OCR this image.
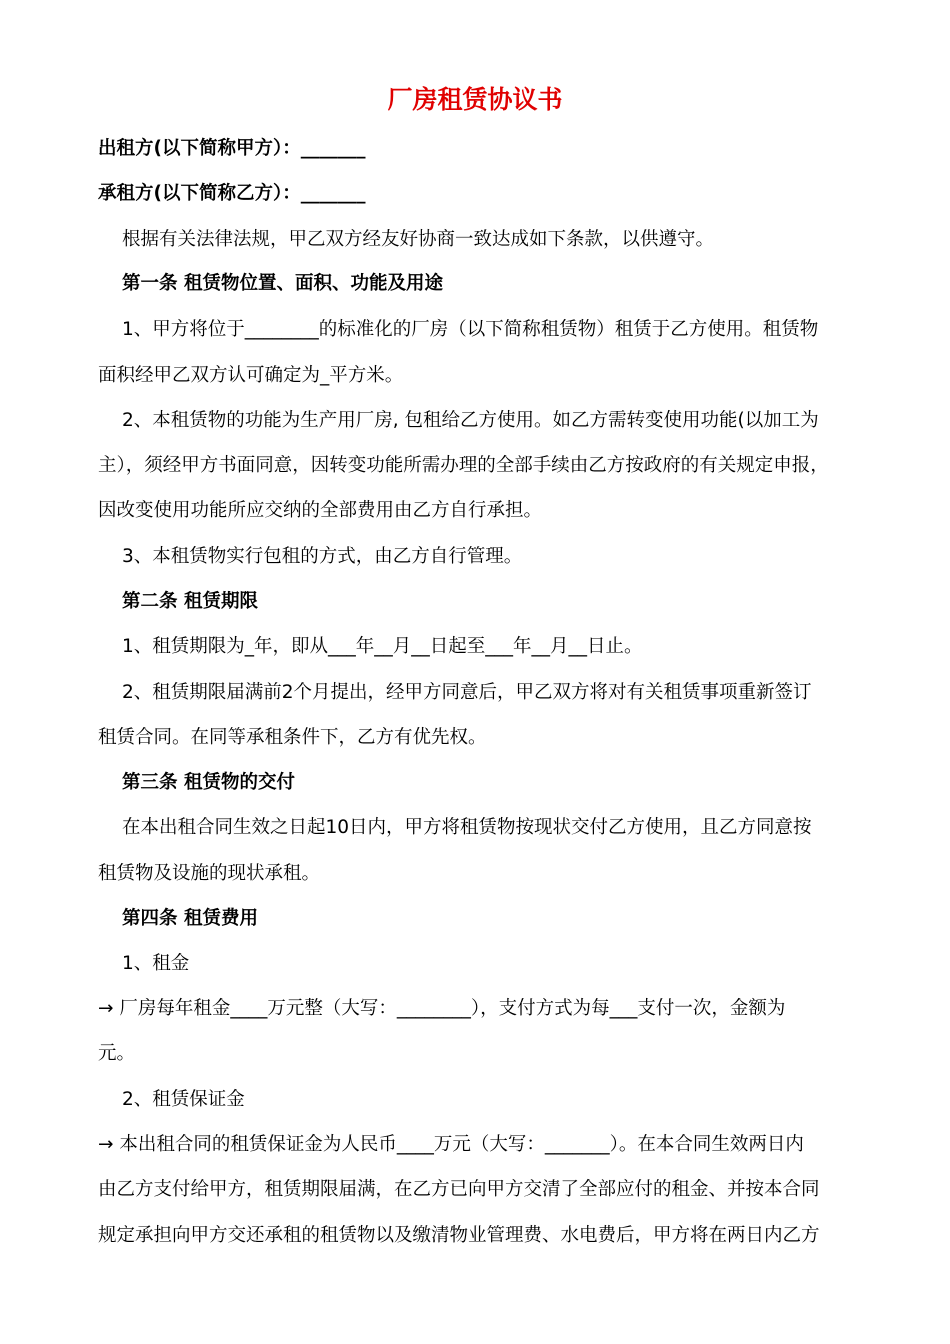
厂房租赁协议书
出租方(以下简称甲方）：_______
承租方(以下简称乙方）：_______
根据有关法律法规，甲乙双方经友好协商一致达成如下条款，以供遵守。
第一条 租赁物位置、面积、功能及用途
1、甲方将位于________的标准化的厂房（以下简称租赁物）租赁于乙方使用。租赁物
面积经甲乙双方认可确定为_平方米。
2、本租赁物的功能为生产用厂房, 包租给乙方使用。如乙方需转变使用功能(以加工为
主），须经甲方书面同意，因转变功能所需办理的全部手续由乙方按政府的有关规定申报，
因改变使用功能所应交纳的全部费用由乙方自行承担。
3、本租赁物实行包租的方式，由乙方自行管理。
第二条 租赁期限
1、租赁期限为_年，即从___年__月__日起至___年__月__日止。
2、租赁期限届满前2个月提出，经甲方同意后，甲乙双方将对有关租赁事项重新签订
租赁合同。在同等承租条件下，乙方有优先权。
第三条 租赁物的交付
在本出租合同生效之日起10日内，甲方将租赁物按现状交付乙方使用，且乙方同意按
租赁物及设施的现状承租。
第四条 租赁费用
1、租金
→ 厂房每年租金____万元整（大写：________），支付方式为每___支付一次，金额为
元。
2、租赁保证金
→ 本出租合同的租赁保证金为人民币____万元（大写：_______）。在本合同生效两日内
由乙方支付给甲方，租赁期限届满，在乙方已向甲方交清了全部应付的租金、并按本合同
规定承担向甲方交还承租的租赁物以及缴清物业管理费、水电费后，甲方将在两日内乙方
